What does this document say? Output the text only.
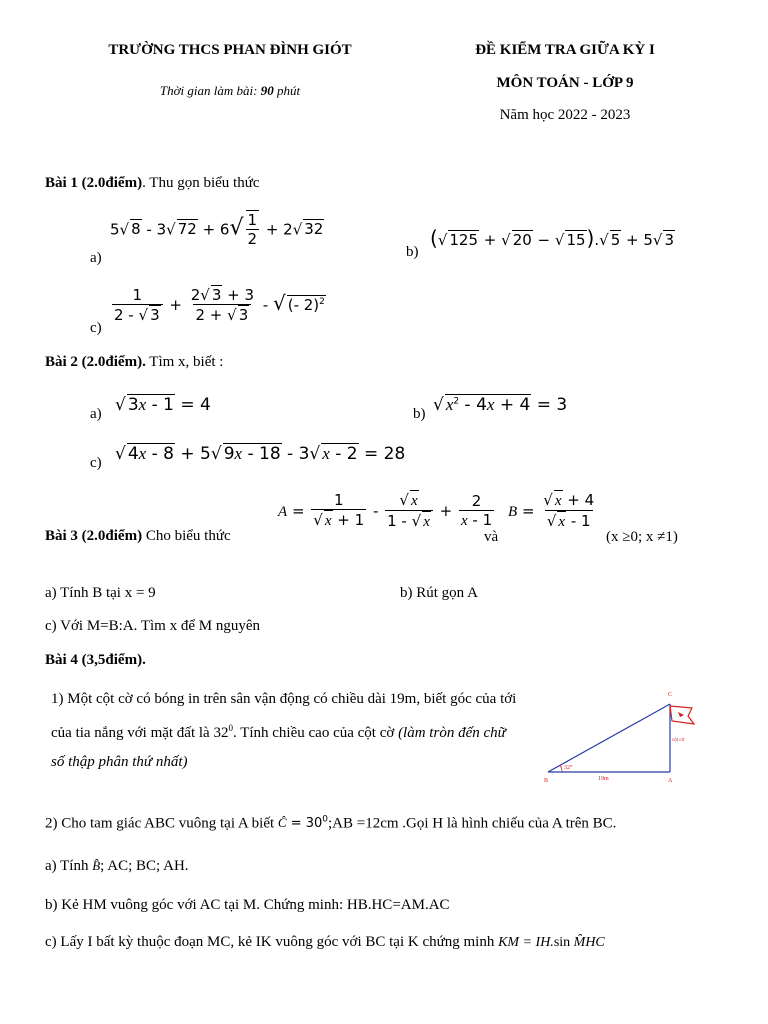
TRƯỜNG THCS PHAN ĐÌNH GIÓT
Thời gian làm bài: 90 phút
ĐỀ KIỂM TRA GIỮA KỲ I
MÔN TOÁN - LỚP 9
Năm học 2022 - 2023
Bài 1 (2.0điểm). Thu gọn biểu thức
5√ 8 - 3√ $72 + 6√ \frac{1}{2} + 2√$ 32
a)
(√ 125 + √ 20 − √ 15).√ 5 + 5√ 3
b)
$\frac{1}{2 - √ 3} + \frac{2√ 3 + 3}{2 + √ 3}$ - √ (- 2)$^2$
c)
Bài 2 (2.0điểm). Tìm x, biết :
√ 3x - 1 = 4
a)	√ $x^2 - 4x + 4 = 3$
b)
√ 4x - 8 + 5√ 9x - 18 - 3√ x - 2 = 28
c)
Bài 3 (2.0điểm) Cho biểu thức
$A = \frac{1}{√ x + 1} - \frac{√ x}{1 - √ x} + \frac{2}{x - 1}$
và
$B = \frac{√ x + 4}{√ x - 1}$
(x ≥0; x ≠1)
a) Tính B tại x = 9	b) Rút gọn A
c) Với M=B:A. Tìm x để M nguyên
Bài 4 (3,5điểm).
1) Một cột cờ có bóng in trên sân vận động có chiều dài 19m, biết góc của tới của tia nắng với mặt đất là $32^0$. Tính chiều cao của cột cờ (làm tròn đến chữ số thập phân thứ nhất)
C
B	A
32°
19m
cột cờ
2) Cho tam giác ABC vuông tại A biết Ĉ = $30^0;AB =12cm$ .Gọi H là hình chiếu của A trên BC.
a) Tính B̂; AC; BC; AH.
b) Kẻ HM vuông góc với AC tại M. Chứng minh: HB.HC=AM.AC
c) Lấy I bất kỳ thuộc đoạn MC, kẻ IK vuông góc với BC tại K chứng minh KM = IH.sin M̂HC
